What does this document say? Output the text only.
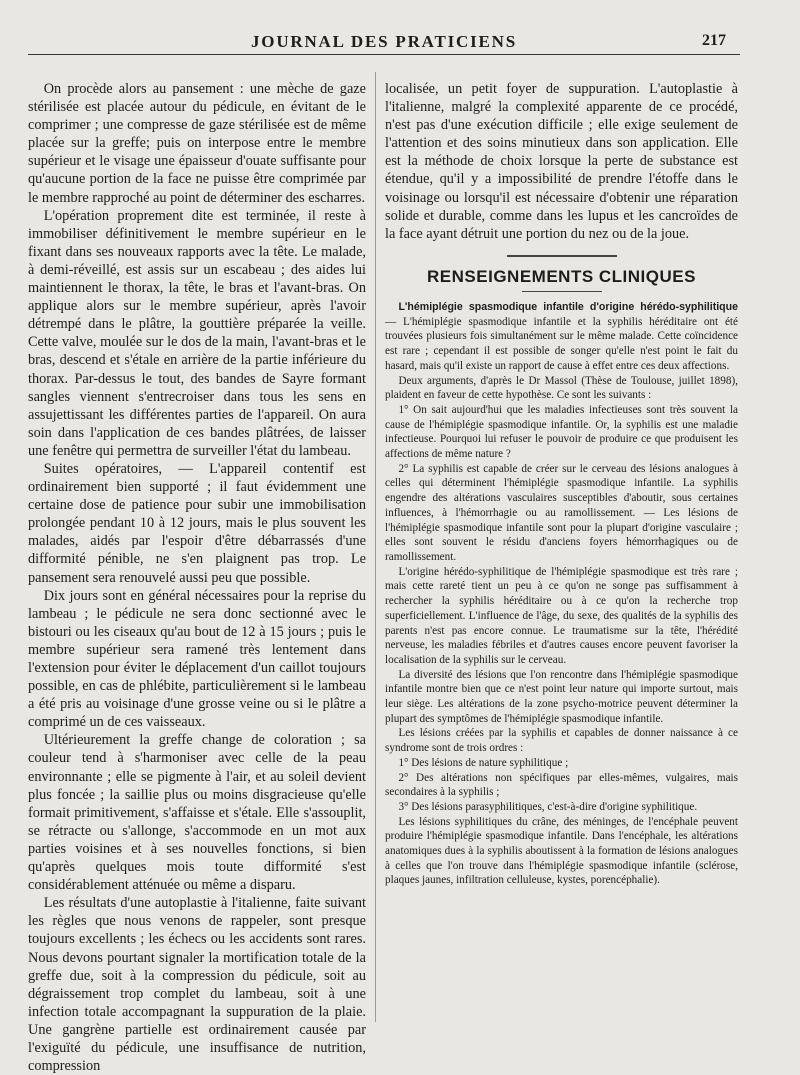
JOURNAL DES PRATICIENS	217

On procède alors au pansement : une mèche de gaze stérilisée est placée autour du pédicule, en évitant de le comprimer ; une compresse de gaze stérilisée est de même placée sur la greffe; puis on interpose entre le membre supérieur et le visage une épaisseur d'ouate suffisante pour qu'aucune portion de la face ne puisse être comprimée par le membre rapproché au point de déterminer des escharres.

L'opération proprement dite est terminée, il reste à immobiliser définitivement le membre supérieur en le fixant dans ses nouveaux rapports avec la tête. Le malade, à demi-réveillé, est assis sur un escabeau ; des aides lui maintiennent le thorax, la tête, le bras et l'avant-bras. On applique alors sur le membre supérieur, après l'avoir détrempé dans le plâtre, la gouttière préparée la veille. Cette valve, moulée sur le dos de la main, l'avant-bras et le bras, descend et s'étale en arrière de la partie inférieure du thorax. Par-dessus le tout, des bandes de Sayre formant sangles viennent s'entrecroiser dans tous les sens en assujettissant les différentes parties de l'appareil. On aura soin dans l'application de ces bandes plâtrées, de laisser une fenêtre qui permettra de surveiller l'état du lambeau.

Suites opératoires, — L'appareil contentif est ordinairement bien supporté ; il faut évidemment une certaine dose de patience pour subir une immobilisation prolongée pendant 10 à 12 jours, mais le plus souvent les malades, aidés par l'espoir d'être débarrassés d'une difformité pénible, ne s'en plaignent pas trop. Le pansement sera renouvelé aussi peu que possible.

Dix jours sont en général nécessaires pour la reprise du lambeau ; le pédicule ne sera donc sectionné avec le bistouri ou les ciseaux qu'au bout de 12 à 15 jours ; puis le membre supérieur sera ramené très lentement dans l'extension pour éviter le déplacement d'un caillot toujours possible, en cas de phlébite, particulièrement si le lambeau a été pris au voisinage d'une grosse veine ou si le plâtre a comprimé un de ces vaisseaux.

Ultérieurement la greffe change de coloration ; sa couleur tend à s'harmoniser avec celle de la peau environnante ; elle se pigmente à l'air, et au soleil devient plus foncée ; la saillie plus ou moins disgracieuse qu'elle formait primitivement, s'affaisse et s'étale. Elle s'assouplit, se rétracte ou s'allonge, s'accommode en un mot aux parties voisines et à ses nouvelles fonctions, si bien qu'après quelques mois toute difformité s'est considérablement atténuée ou même a disparu.

Les résultats d'une autoplastie à l'italienne, faite suivant les règles que nous venons de rappeler, sont presque toujours excellents ; les échecs ou les accidents sont rares. Nous devons pourtant signaler la mortification totale de la greffe due, soit à la compression du pédicule, soit au dégraissement trop complet du lambeau, soit à une infection totale accompagnant la suppuration de la plaie. Une gangrène partielle est ordinairement causée par l'exiguïté du pédicule, une insuffisance de nutrition, compression

localisée, un petit foyer de suppuration. L'autoplastie à l'italienne, malgré la complexité apparente de ce procédé, n'est pas d'une exécution difficile ; elle exige seulement de l'attention et des soins minutieux dans son application. Elle est la méthode de choix lorsque la perte de substance est étendue, qu'il y a impossibilité de prendre l'étoffe dans le voisinage ou lorsqu'il est nécessaire d'obtenir une réparation solide et durable, comme dans les lupus et les cancroïdes de la face ayant détruit une portion du nez ou de la joue.

RENSEIGNEMENTS CLINIQUES

L'hémiplégie spasmodique infantile d'origine hérédo-syphilitique — L'hémiplégie spasmodique infantile et la syphilis héréditaire ont été trouvées plusieurs fois simultanément sur le même malade. Cette coïncidence est rare ; cependant il est possible de songer qu'elle n'est point le fait du hasard, mais qu'il existe un rapport de cause à effet entre ces deux affections.

Deux arguments, d'après le Dr Massol (Thèse de Toulouse, juillet 1898), plaident en faveur de cette hypothèse. Ce sont les suivants :

1° On sait aujourd'hui que les maladies infectieuses sont très souvent la cause de l'hémiplégie spasmodique infantile. Or, la syphilis est une maladie infectieuse. Pourquoi lui refuser le pouvoir de produire ce que produisent les affections de même nature ?

2° La syphilis est capable de créer sur le cerveau des lésions analogues à celles qui déterminent l'hémiplégie spasmodique infantile. La syphilis engendre des altérations vasculaires susceptibles d'aboutir, sous certaines influences, à l'hémorrhagie ou au ramollissement. — Les lésions de l'hémiplégie spasmodique infantile sont pour la plupart d'origine vasculaire ; elles sont souvent le résidu d'anciens foyers hémorrhagiques ou de ramollissement.

L'origine hérédo-syphilitique de l'hémiplégie spasmodique est très rare ; mais cette rareté tient un peu à ce qu'on ne songe pas suffisamment à rechercher la syphilis héréditaire ou à ce qu'on la recherche trop superficiellement. L'influence de l'âge, du sexe, des qualités de la syphilis des parents n'est pas encore connue. Le traumatisme sur la tête, l'hérédité nerveuse, les maladies fébriles et d'autres causes encore peuvent favoriser la localisation de la syphilis sur le cerveau.

La diversité des lésions que l'on rencontre dans l'hémiplégie spasmodique infantile montre bien que ce n'est point leur nature qui importe surtout, mais leur siège. Les altérations de la zone psycho-motrice peuvent déterminer la plupart des symptômes de l'hémiplégie spasmodique infantile.

Les lésions créées par la syphilis et capables de donner naissance à ce syndrome sont de trois ordres :

1° Des lésions de nature syphilitique ;

2° Des altérations non spécifiques par elles-mêmes, vulgaires, mais secondaires à la syphilis ;

3° Des lésions parasyphilitiques, c'est-à-dire d'origine syphilitique.

Les lésions syphilitiques du crâne, des méninges, de l'encéphale peuvent produire l'hémiplégie spasmodique infantile. Dans l'encéphale, les altérations anatomiques dues à la syphilis aboutissent à la formation de lésions analogues à celles que l'on trouve dans l'hémiplégie spasmodique infantile (sclérose, plaques jaunes, infiltration celluleuse, kystes, porencéphalie).
